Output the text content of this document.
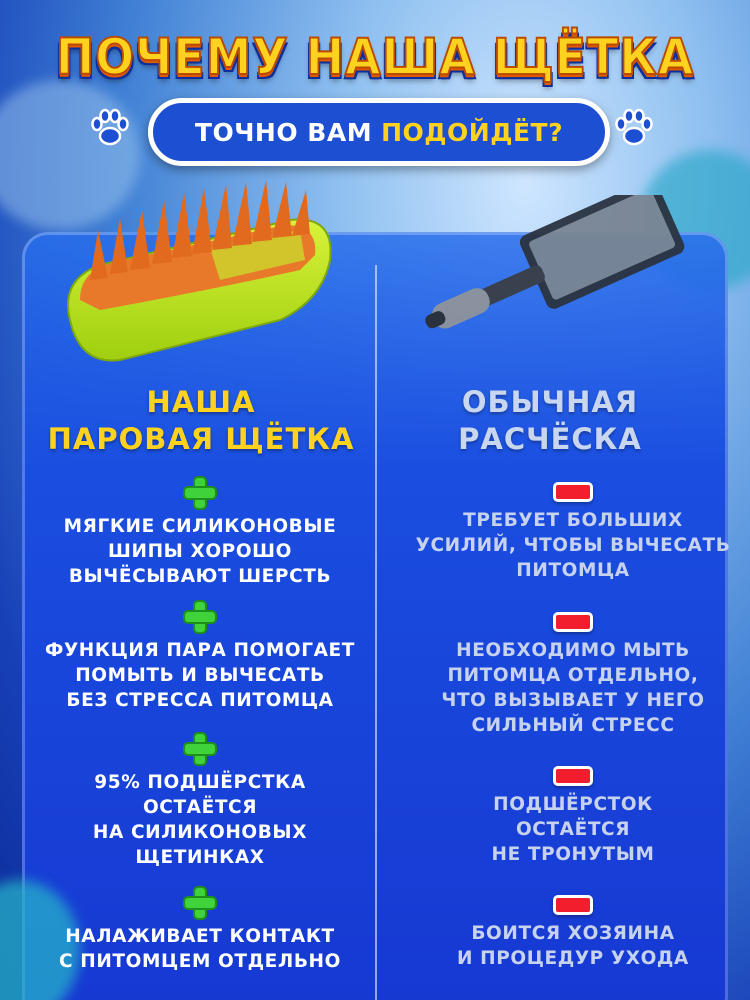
ПОЧЕМУ НАША ЩЁТКА
ТОЧНО ВАМ ПОДОЙДЁТ?
НАША
ПАРОВАЯ ЩЁТКА
ОБЫЧНАЯ
РАСЧЁСКА
МЯГКИЕ СИЛИКОНОВЫЕ
ШИПЫ ХОРОШО
ВЫЧЁСЫВАЮТ ШЕРСТЬ
ФУНКЦИЯ ПАРА ПОМОГАЕТ
ПОМЫТЬ И ВЫЧЕСАТЬ
БЕЗ СТРЕССА ПИТОМЦА
95% ПОДШЁРСТКА
ОСТАЁТСЯ
НА СИЛИКОНОВЫХ
ЩЕТИНКАХ
НАЛАЖИВАЕТ КОНТАКТ
С ПИТОМЦЕМ ОТДЕЛЬНО
ТРЕБУЕТ БОЛЬШИХ
УСИЛИЙ, ЧТОБЫ ВЫЧЕСАТЬ
ПИТОМЦА
НЕОБХОДИМО МЫТЬ
ПИТОМЦА ОТДЕЛЬНО,
ЧТО ВЫЗЫВАЕТ У НЕГО
СИЛЬНЫЙ СТРЕСС
ПОДШЁРСТОК
ОСТАЁТСЯ
НЕ ТРОНУТЫМ
БОИТСЯ ХОЗЯИНА
И ПРОЦЕДУР УХОДА
